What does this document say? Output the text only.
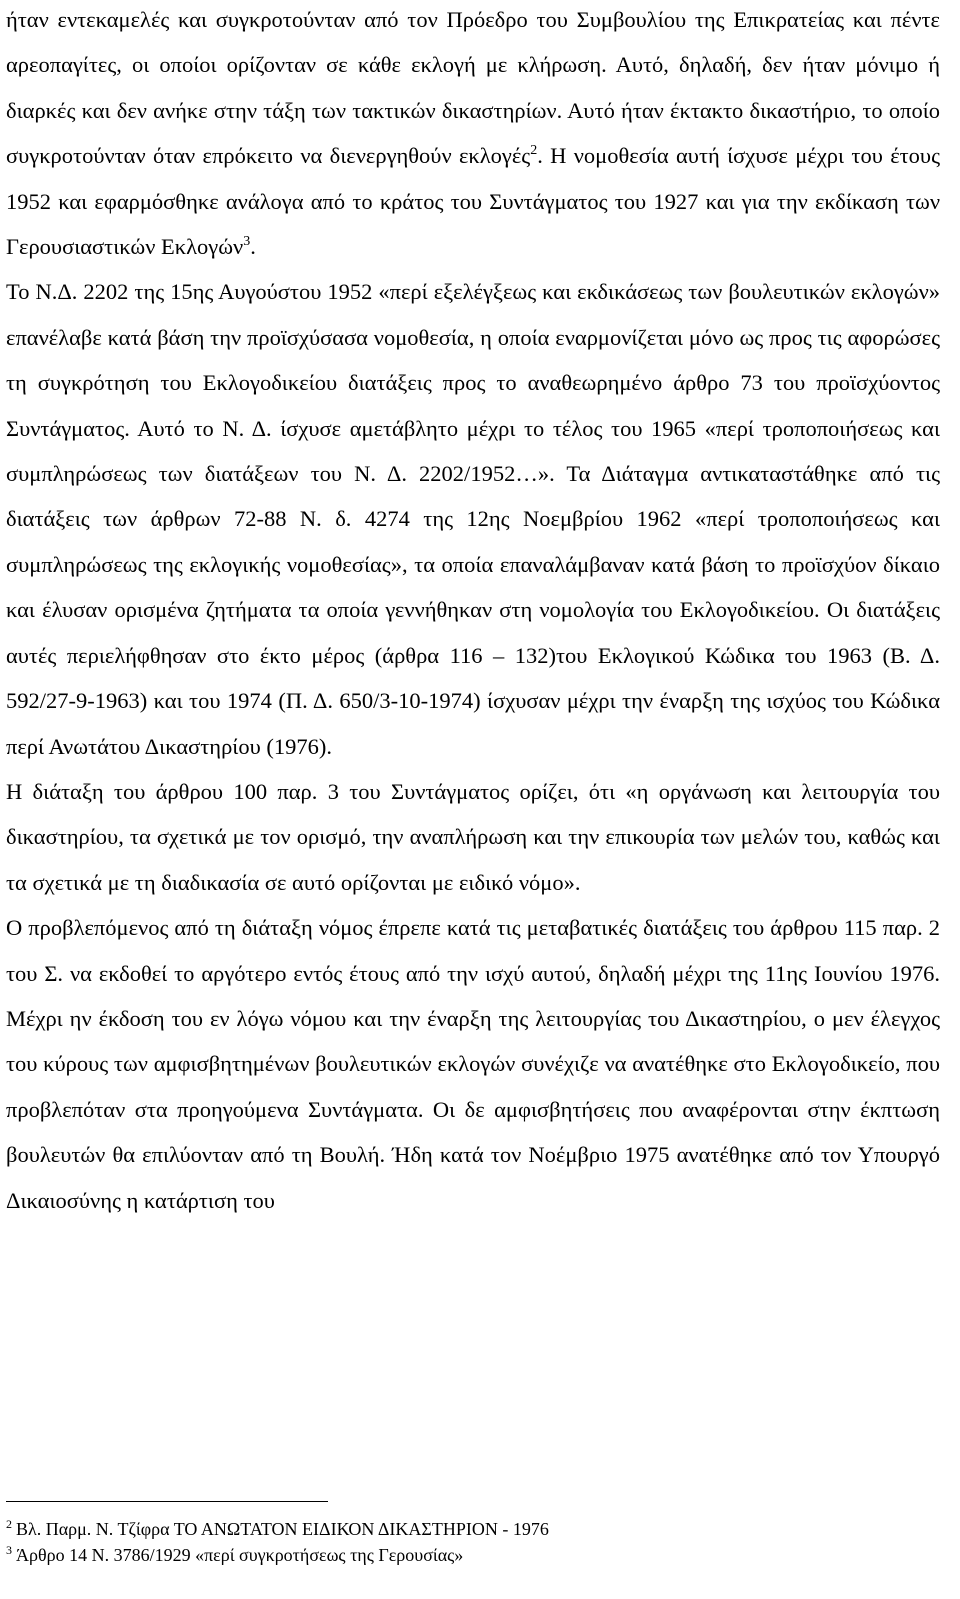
ήταν εντεκαμελές και συγκροτούνταν από τον Πρόεδρο του Συμβουλίου της Επικρατείας και πέντε αρεοπαγίτες, οι οποίοι ορίζονταν σε κάθε εκλογή με κλήρωση. Αυτό, δηλαδή, δεν ήταν μόνιμο ή διαρκές και δεν ανήκε στην τάξη των τακτικών δικαστηρίων. Αυτό ήταν έκτακτο δικαστήριο, το οποίο συγκροτούνταν όταν επρόκειτο να διενεργηθούν εκλογές$^2$. Η νομοθεσία αυτή ίσχυσε μέχρι του έτους 1952 και εφαρμόσθηκε ανάλογα από το κράτος του Συντάγματος του 1927 και για την εκδίκαση των Γερουσιαστικών Εκλογών$^3$.

Το Ν.Δ. 2202 της 15ης Αυγούστου 1952 «περί εξελέγξεως και εκδικάσεως των βουλευτικών εκλογών» επανέλαβε κατά βάση την προϊσχύσασα νομοθεσία, η οποία εναρμονίζεται μόνο ως προς τις αφορώσες τη συγκρότηση του Εκλογοδικείου διατάξεις προς το αναθεωρημένο άρθρο 73 του προϊσχύοντος Συντάγματος. Αυτό το Ν. Δ. ίσχυσε αμετάβλητο μέχρι το τέλος του 1965 «περί τροποποιήσεως και συμπληρώσεως των διατάξεων του Ν. Δ. 2202/1952…». Τα Διάταγμα αντικαταστάθηκε από τις διατάξεις των άρθρων 72-88 Ν. δ. 4274 της 12ης Νοεμβρίου 1962 «περί τροποποιήσεως και συμπληρώσεως της εκλογικής νομοθεσίας», τα οποία επαναλάμβαναν κατά βάση το προϊσχύον δίκαιο και έλυσαν ορισμένα ζητήματα τα οποία γεννήθηκαν στη νομολογία του Εκλογοδικείου. Οι διατάξεις αυτές περιελήφθησαν στο έκτο μέρος (άρθρα 116 – 132)του Εκλογικού Κώδικα του 1963 (Β. Δ. 592/27-9-1963) και του 1974 (Π. Δ. 650/3-10-1974) ίσχυσαν μέχρι την έναρξη της ισχύος του Κώδικα περί Ανωτάτου Δικαστηρίου (1976).

Η διάταξη του άρθρου 100 παρ. 3 του Συντάγματος ορίζει, ότι «η οργάνωση και λειτουργία του δικαστηρίου, τα σχετικά με τον ορισμό, την αναπλήρωση και την επικουρία των μελών του, καθώς και τα σχετικά με τη διαδικασία σε αυτό ορίζονται με ειδικό νόμο».

Ο προβλεπόμενος από τη διάταξη νόμος έπρεπε κατά τις μεταβατικές διατάξεις του άρθρου 115 παρ. 2 του Σ. να εκδοθεί το αργότερο εντός έτους από την ισχύ αυτού, δηλαδή μέχρι της 11ης Ιουνίου 1976. Μέχρι ην έκδοση του εν λόγω νόμου και την έναρξη της λειτουργίας του Δικαστηρίου, ο μεν έλεγχος του κύρους των αμφισβητημένων βουλευτικών εκλογών συνέχιζε να ανατέθηκε στο Εκλογοδικείο, που προβλεπόταν στα προηγούμενα Συντάγματα. Οι δε αμφισβητήσεις που αναφέρονται στην έκπτωση βουλευτών θα επιλύονταν από τη Βουλή. Ήδη κατά τον Νοέμβριο 1975 ανατέθηκε από τον Υπουργό Δικαιοσύνης η κατάρτιση του

$^2$ Βλ. Παρμ. Ν. Τζίφρα ΤΟ ΑΝΩΤΑΤΟΝ ΕΙΔΙΚΟΝ ΔΙΚΑΣΤΗΡΙΟΝ - 1976

$^3$ Άρθρο 14 Ν. 3786/1929 «περί συγκροτήσεως της Γερουσίας»
